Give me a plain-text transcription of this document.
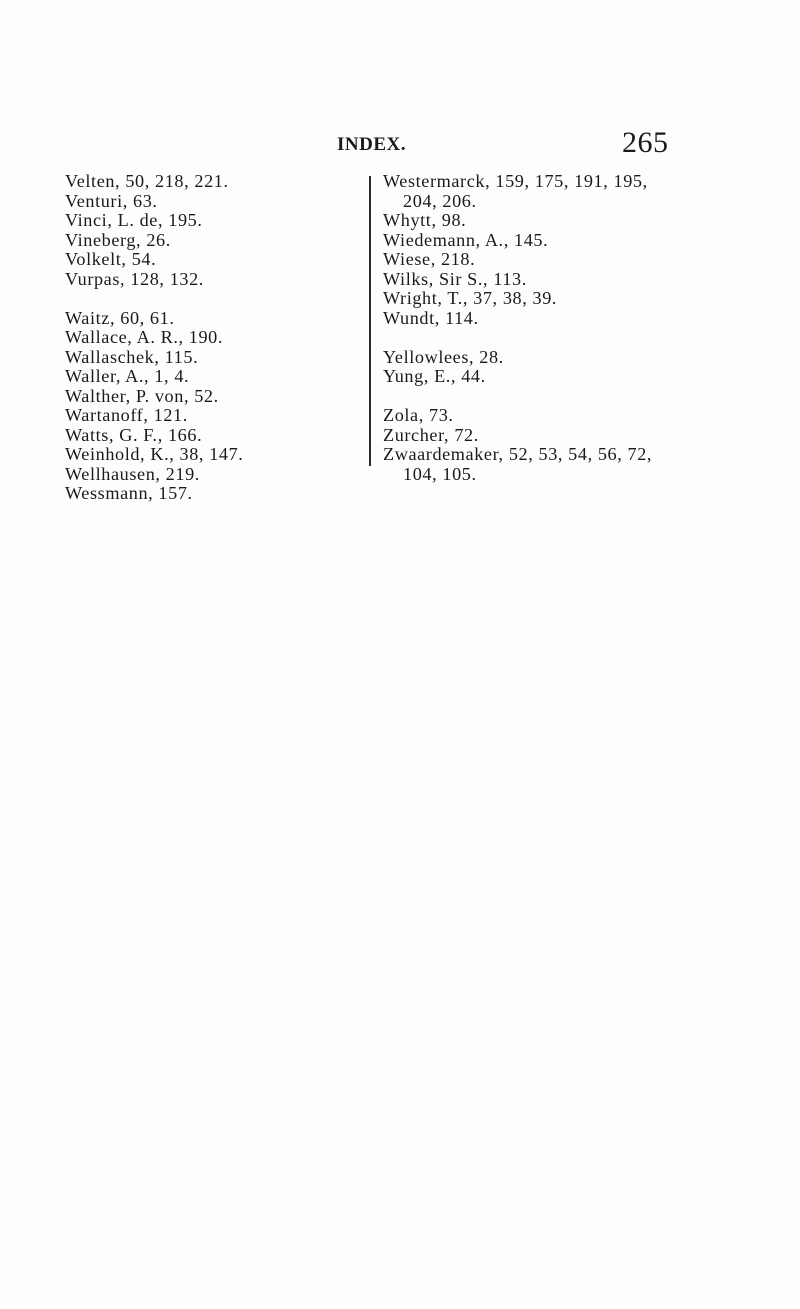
INDEX.	265
Velten, 50, 218, 221.
Venturi, 63.
Vinci, L. de, 195.
Vineberg, 26.
Volkelt, 54.
Vurpas, 128, 132.
Waitz, 60, 61.
Wallace, A. R., 190.
Wallaschek, 115.
Waller, A., 1, 4.
Walther, P. von, 52.
Wartanoff, 121.
Watts, G. F., 166.
Weinhold, K., 38, 147.
Wellhausen, 219.
Wessmann, 157.
Westermarck, 159, 175, 191, 195,
204, 206.
Whytt, 98.
Wiedemann, A., 145.
Wiese, 218.
Wilks, Sir S., 113.
Wright, T., 37, 38, 39.
Wundt, 114.
Yellowlees, 28.
Yung, E., 44.
Zola, 73.
Zurcher, 72.
Zwaardemaker, 52, 53, 54, 56, 72,
104, 105.
